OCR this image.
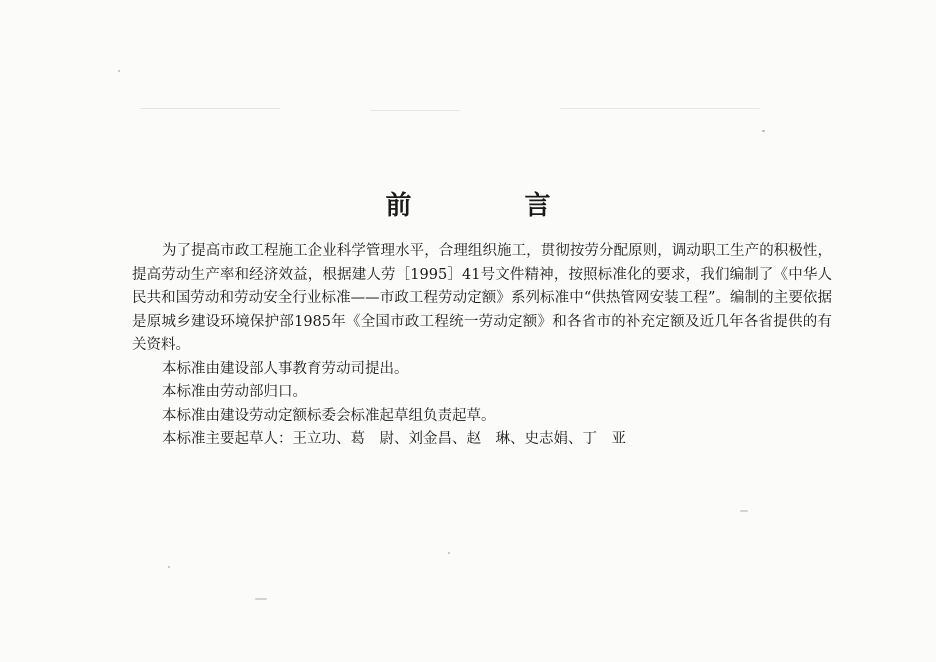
前 言

为了提高市政工程施工企业科学管理水平，合理组织施工，贯彻按劳分配原则，调动职工生产的积极性，提高劳动生产率和经济效益，根据建人劳［1995］41号文件精神，按照标准化的要求，我们编制了《中华人民共和国劳动和劳动安全行业标准——市政工程劳动定额》系列标准中“供热管网安装工程”。编制的主要依据是原城乡建设环境保护部1985年《全国市政工程统一劳动定额》和各省市的补充定额及近几年各省提供的有关资料。

本标准由建设部人事教育劳动司提出。

本标准由劳动部归口。

本标准由建设劳动定额标委会标准起草组负责起草。

本标准主要起草人：王立功、葛　尉、刘金昌、赵　琳、史志娟、丁　亚
